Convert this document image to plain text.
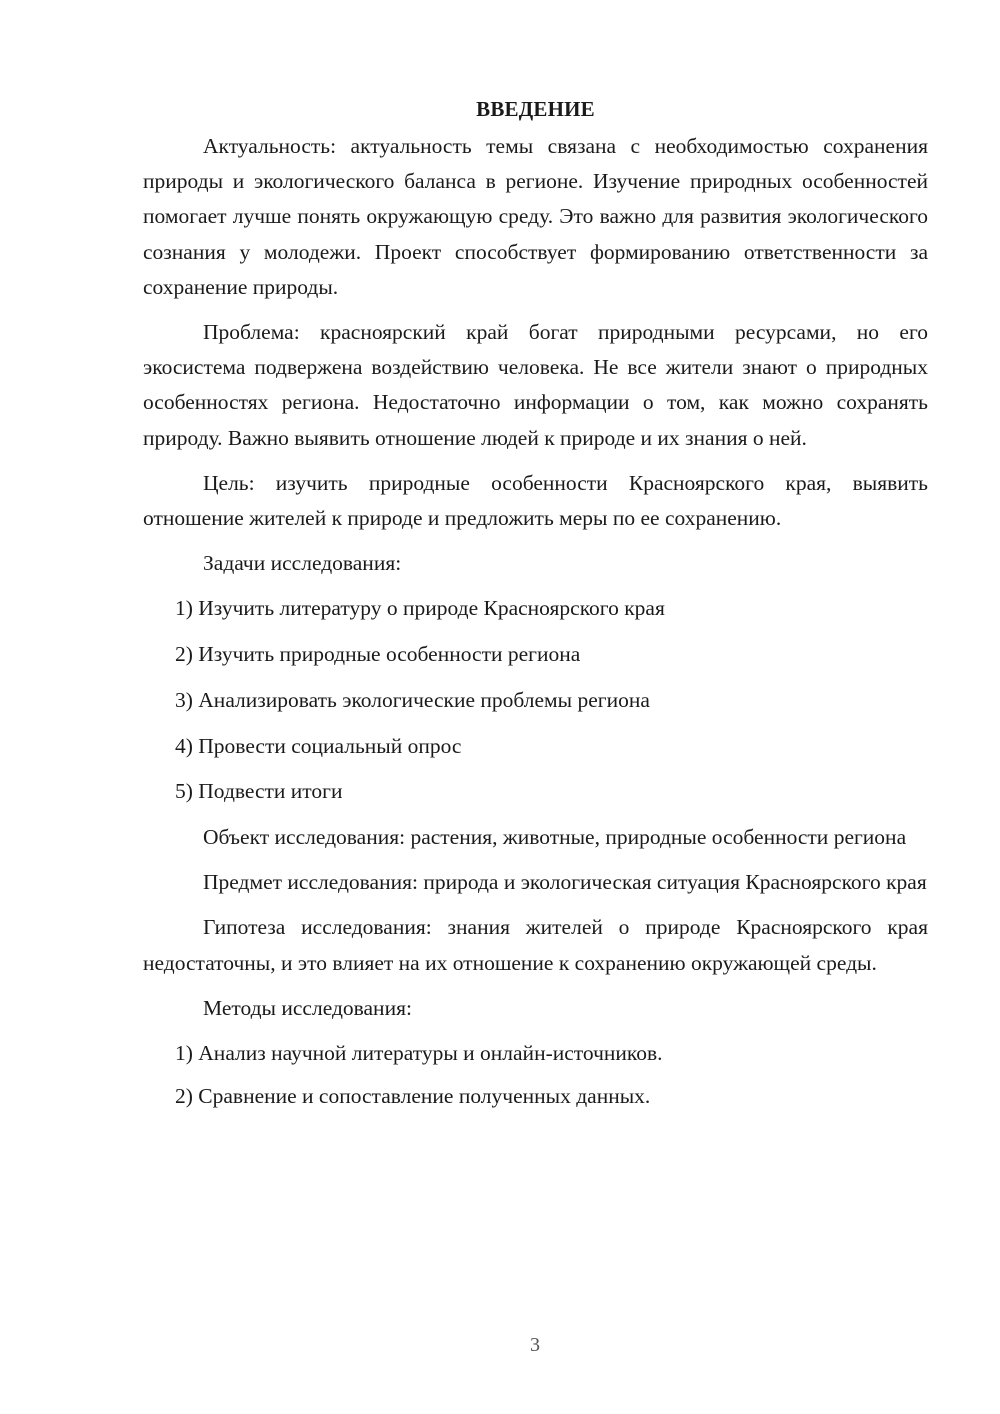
ВВЕДЕНИЕ

Актуальность: актуальность темы связана с необходимостью сохранения природы и экологического баланса в регионе. Изучение природных особенностей помогает лучше понять окружающую среду. Это важно для развития экологического сознания у молодежи. Проект способствует формированию ответственности за сохранение природы.

Проблема: красноярский край богат природными ресурсами, но его экосистема подвержена воздействию человека. Не все жители знают о природных особенностях региона. Недостаточно информации о том, как можно сохранять природу. Важно выявить отношение людей к природе и их знания о ней.

Цель: изучить природные особенности Красноярского края, выявить отношение жителей к природе и предложить меры по ее сохранению.

Задачи исследования:

1) Изучить литературу о природе Красноярского края
2) Изучить природные особенности региона
3) Анализировать экологические проблемы региона
4) Провести социальный опрос
5) Подвести итоги

Объект исследования: растения, животные, природные особенности региона

Предмет исследования: природа и экологическая ситуация Красноярского края

Гипотеза исследования: знания жителей о природе Красноярского края недостаточны, и это влияет на их отношение к сохранению окружающей среды.

Методы исследования:

1) Анализ научной литературы и онлайн-источников.
2) Сравнение и сопоставление полученных данных.
3
